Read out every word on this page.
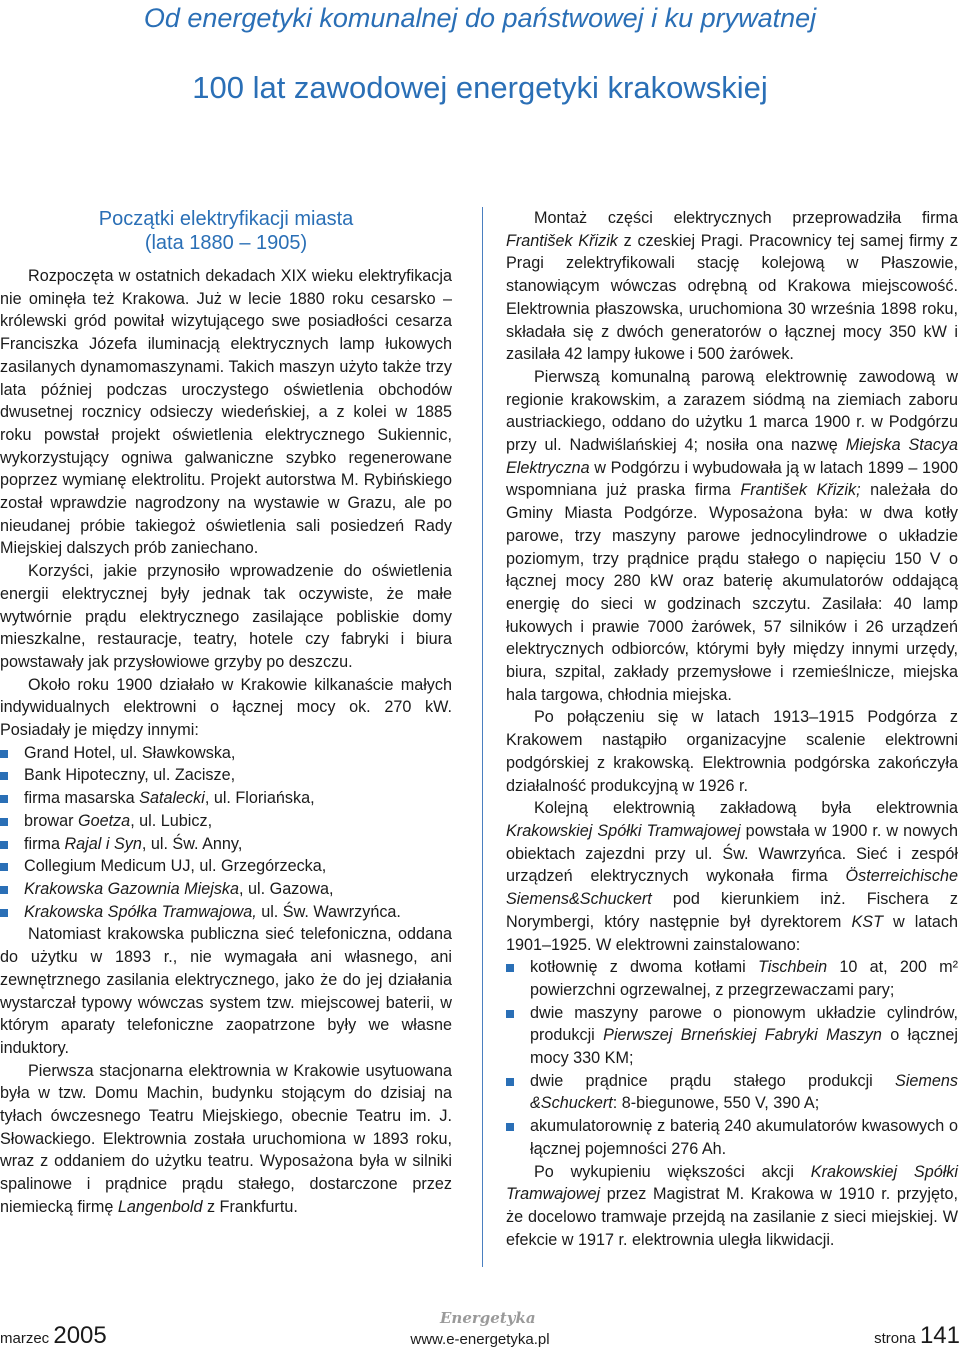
Od energetyki komunalnej do państwowej i ku prywatnej
100 lat zawodowej energetyki krakowskiej
Początki elektryfikacji miasta
(lata 1880 – 1905)

Rozpoczęta w ostatnich dekadach XIX wieku elektryfikacja nie ominęła też Krakowa. Już w lecie 1880 roku cesarsko – królewski gród powitał wizytującego swe posiadłości cesarza Franciszka Józefa iluminacją elektrycznych lamp łukowych zasilanych dynamomaszynami. Takich maszyn użyto także trzy lata później podczas uroczystego oświetlenia obchodów dwusetnej rocznicy odsieczy wiedeńskiej, a z kolei w 1885 roku powstał projekt oświetlenia elektrycznego Sukiennic, wykorzystujący ogniwa galwaniczne szybko regenerowane poprzez wymianę elektrolitu. Projekt autorstwa M. Rybińskiego został wprawdzie nagrodzony na wystawie w Grazu, ale po nieudanej próbie takiegoż oświetlenia sali posiedzeń Rady Miejskiej dalszych prób zaniechano.

Korzyści, jakie przynosiło wprowadzenie do oświetlenia energii elektrycznej były jednak tak oczywiste, że małe wytwórnie prądu elektrycznego zasilające pobliskie domy mieszkalne, restauracje, teatry, hotele czy fabryki i biura powstawały jak przysłowiowe grzyby po deszczu.

Około roku 1900 działało w Krakowie kilkanaście małych indywidualnych elektrowni o łącznej mocy ok. 270 kW. Posiadały je między innymi:

Grand Hotel, ul. Sławkowska,
Bank Hipoteczny, ul. Zacisze,
firma masarska Satalecki, ul. Floriańska,
browar Goetza, ul. Lubicz,
firma Rajal i Syn, ul. Św. Anny,
Collegium Medicum UJ, ul. Grzegórzecka,
Krakowska Gazownia Miejska, ul. Gazowa,
Krakowska Spółka Tramwajowa, ul. Św. Wawrzyńca.

Natomiast krakowska publiczna sieć telefoniczna, oddana do użytku w 1893 r., nie wymagała ani własnego, ani zewnętrznego zasilania elektrycznego, jako że do jej działania wystarczał typowy wówczas system tzw. miejscowej baterii, w którym aparaty telefoniczne zaopatrzone były we własne induktory.

Pierwsza stacjonarna elektrownia w Krakowie usytuowana była w tzw. Domu Machin, budynku stojącym do dzisiaj na tyłach ówczesnego Teatru Miejskiego, obecnie Teatru im. J. Słowackiego. Elektrownia została uruchomiona w 1893 roku, wraz z oddaniem do użytku teatru. Wyposażona była w silniki spalinowe i prądnice prądu stałego, dostarczone przez niemiecką firmę Langenbold z Frankfurtu.

Montaż części elektrycznych przeprowadziła firma František Křizik z czeskiej Pragi. Pracownicy tej samej firmy z Pragi zelektryfikowali stację kolejową w Płaszowie, stanowiącym wówczas odrębną od Krakowa miejscowość. Elektrownia płaszowska, uruchomiona 30 września 1898 roku, składała się z dwóch generatorów o łącznej mocy 350 kW i zasilała 42 lampy łukowe i 500 żarówek.

Pierwszą komunalną parową elektrownię zawodową w regionie krakowskim, a zarazem siódmą na ziemiach zaboru austriackiego, oddano do użytku 1 marca 1900 r. w Podgórzu przy ul. Nadwiślańskiej 4; nosiła ona nazwę Miejska Stacya Elektryczna w Podgórzu i wybudowała ją w latach 1899 – 1900 wspomniana już praska firma František Křizik; należała do Gminy Miasta Podgórze. Wyposażona była: w dwa kotły parowe, trzy maszyny parowe jednocylindrowe o układzie poziomym, trzy prądnice prądu stałego o napięciu 150 V o łącznej mocy 280 kW oraz baterię akumulatorów oddającą energię do sieci w godzinach szczytu. Zasilała: 40 lamp łukowych i prawie 7000 żarówek, 57 silników i 26 urządzeń elektrycznych odbiorców, którymi były między innymi urzędy, biura, szpital, zakłady przemysłowe i rzemieślnicze, miejska hala targowa, chłodnia miejska.

Po połączeniu się w latach 1913–1915 Podgórza z Krakowem nastąpiło organizacyjne scalenie elektrowni podgórskiej z krakowską. Elektrownia podgórska zakończyła działalność produkcyjną w 1926 r.

Kolejną elektrownią zakładową była elektrownia Krakowskiej Spółki Tramwajowej powstała w 1900 r. w nowych obiektach zajezdni przy ul. Św. Wawrzyńca. Sieć i zespół urządzeń elektrycznych wykonała firma Österreichische Siemens&Schuckert pod kierunkiem inż. Fischera z Norymbergi, który następnie był dyrektorem KST w latach 1901–1925. W elektrowni zainstalowano:

kotłownię z dwoma kotłami Tischbein 10 at, 200 m² powierzchni ogrzewalnej, z przegrzewaczami pary;
dwie maszyny parowe o pionowym układzie cylindrów, produkcji Pierwszej Brneńskiej Fabryki Maszyn o łącznej mocy 330 KM;
dwie prądnice prądu stałego produkcji Siemens &Schuckert: 8-biegunowe, 550 V, 390 A;
akumulatorownię z baterią 240 akumulatorów kwasowych o łącznej pojemności 276 Ah.

Po wykupieniu większości akcji Krakowskiej Spółki Tramwajowej przez Magistrat M. Krakowa w 1910 r. przyjęto, że docelowo tramwaje przejdą na zasilanie z sieci miejskiej. W efekcie w 1917 r. elektrownia uległa likwidacji.

Energetyka
marzec 2005	www.e-energetyka.pl	strona 141
